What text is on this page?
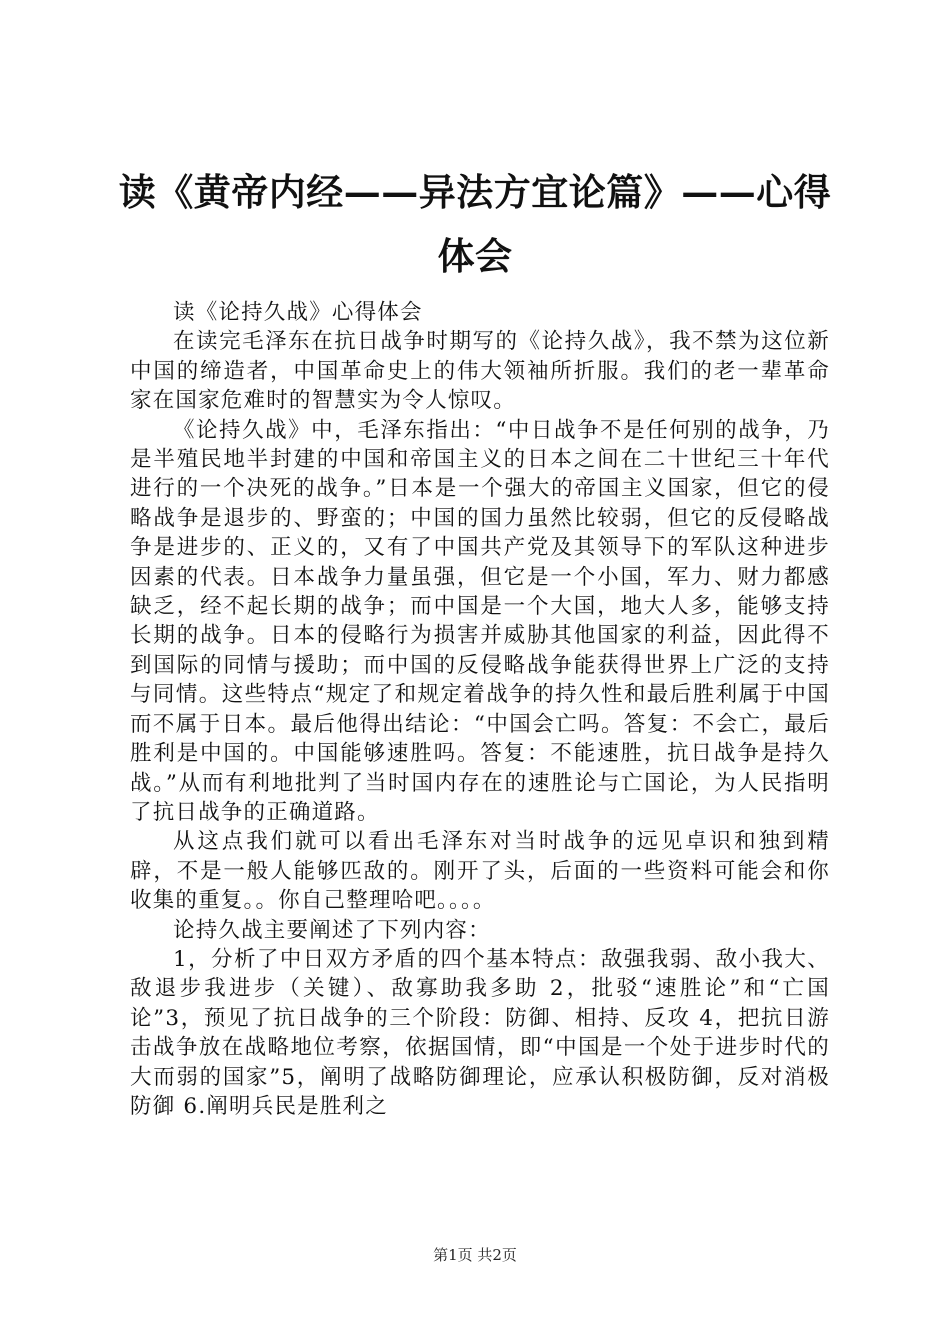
读《黄帝内经——异法方宜论篇》——心得体会

读《论持久战》心得体会

在读完毛泽东在抗日战争时期写的《论持久战》，我不禁为这位新中国的缔造者，中国革命史上的伟大领袖所折服。我们的老一辈革命家在国家危难时的智慧实为令人惊叹。

《论持久战》中，毛泽东指出：“中日战争不是任何别的战争，乃是半殖民地半封建的中国和帝国主义的日本之间在二十世纪三十年代进行的一个决死的战争。”日本是一个强大的帝国主义国家，但它的侵略战争是退步的、野蛮的；中国的国力虽然比较弱，但它的反侵略战争是进步的、正义的，又有了中国共产党及其领导下的军队这种进步因素的代表。日本战争力量虽强，但它是一个小国，军力、财力都感缺乏，经不起长期的战争；而中国是一个大国，地大人多，能够支持长期的战争。日本的侵略行为损害并威胁其他国家的利益，因此得不到国际的同情与援助；而中国的反侵略战争能获得世界上广泛的支持与同情。这些特点“规定了和规定着战争的持久性和最后胜利属于中国而不属于日本。最后他得出结论：“中国会亡吗。答复：不会亡，最后胜利是中国的。中国能够速胜吗。答复：不能速胜，抗日战争是持久战。”从而有利地批判了当时国内存在的速胜论与亡国论，为人民指明了抗日战争的正确道路。

从这点我们就可以看出毛泽东对当时战争的远见卓识和独到精辟，不是一般人能够匹敌的。刚开了头，后面的一些资料可能会和你收集的重复。。你自己整理哈吧。。。。

论持久战主要阐述了下列内容：

1，分析了中日双方矛盾的四个基本特点：敌强我弱、敌小我大、敌退步我进步（关键）、敌寡助我多助 2，批驳“速胜论”和“亡国论”3，预见了抗日战争的三个阶段：防御、相持、反攻 4，把抗日游击战争放在战略地位考察，依据国情，即“中国是一个处于进步时代的大而弱的国家”5，阐明了战略防御理论，应承认积极防御，反对消极防御 6.阐明兵民是胜利之

第1页 共2页
